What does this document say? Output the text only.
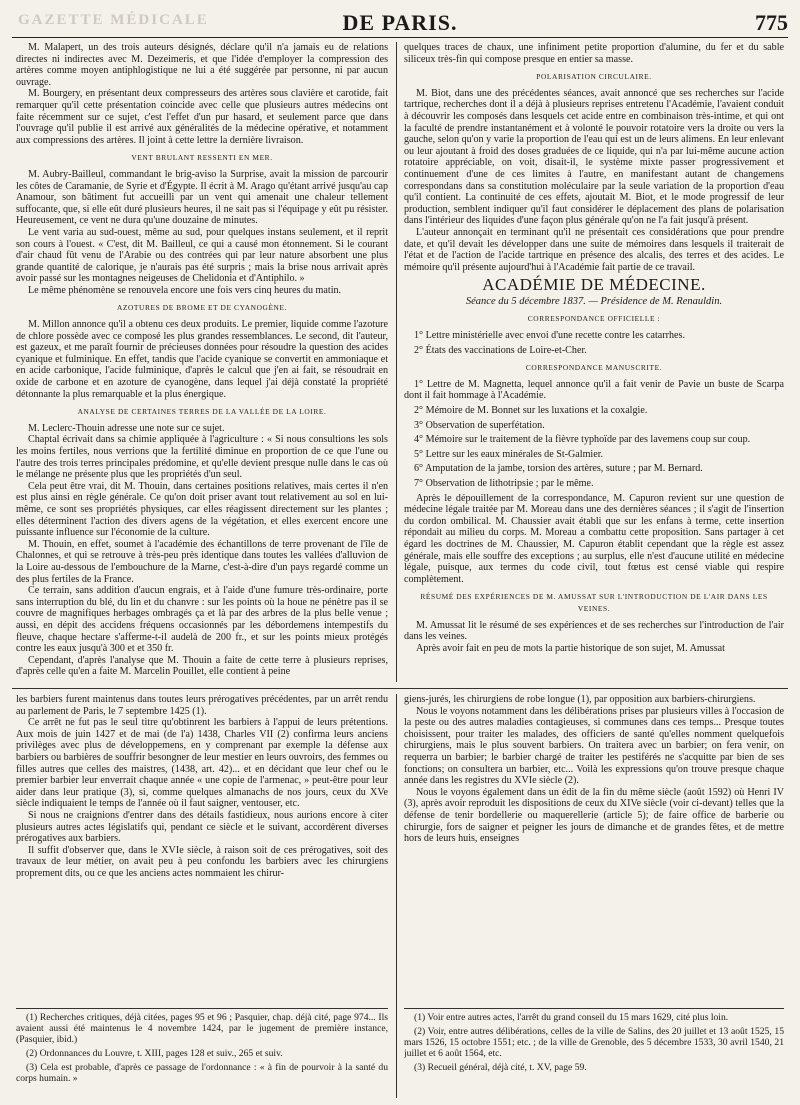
GAZETTE MÉDICALE	DE PARIS.	775

M. Malapert, un des trois auteurs désignés, déclare qu'il n'a jamais eu de relations directes ni indirectes avec M. Dezeimeris, et que l'idée d'employer la compression des artères comme moyen antiphlogistique ne lui a été suggérée par personne, ni par aucun ouvrage.

M. Bourgery, en présentant deux compresseurs des artères sous clavière et carotide, fait remarquer qu'il cette présentation coincide avec celle que plusieurs autres médecins ont faite récemment sur ce sujet, c'est l'effet d'un pur hasard, et seulement parce que dans l'ouvrage qu'il publie il est arrivé aux généralités de la médecine opérative, et notamment aux compressions des artères. Il joint à cette lettre la dernière livraison.

VENT BRULANT RESSENTI EN MER.

M. Aubry-Bailleul, commandant le brig-aviso la Surprise, avait la mission de parcourir les côtes de Caramanie, de Syrie et d'Égypte. Il écrit à M. Arago qu'étant arrivé jusqu'au cap Anamour, son bâtiment fut accueilli par un vent qui amenait une chaleur tellement suffocante, que, si elle eût duré plusieurs heures, il ne sait pas si l'équipage y eût pu résister. Heureusement, ce vent ne dura qu'une douzaine de minutes.

Le vent varia au sud-ouest, même au sud, pour quelques instans seulement, et il reprit son cours à l'ouest. « C'est, dit M. Bailleul, ce qui a causé mon étonnement. Si le courant d'air chaud fût venu de l'Arabie ou des contrées qui par leur nature absorbent une plus grande quantité de calorique, je n'aurais pas été surpris ; mais la brise nous arrivait après avoir passé sur les montagnes neigeuses de Chelidonia et d'Antiphilo. »

Le même phénomène se renouvela encore une fois vers cinq heures du matin.

AZOTURES DE BROME ET DE CYANOGÈNE.

M. Millon annonce qu'il a obtenu ces deux produits. Le premier, liquide comme l'azoture de chlore possède avec ce composé les plus grandes ressemblances. Le second, dit l'auteur, est gazeux, et me paraît fournir de précieuses données pour résoudre la question des acides cyanique et fulminique. En effet, tandis que l'acide cyanique se convertit en ammoniaque et en acide carbonique, l'acide fulminique, d'après le calcul que j'en ai fait, se résoudrait en oxide de carbone et en azoture de cyanogène, dans lequel j'ai déjà constaté la propriété détonnante la plus remarquable et la plus énergique.

ANALYSE DE CERTAINES TERRES DE LA VALLÉE DE LA LOIRE.

M. Leclerc-Thouin adresse une note sur ce sujet.

Chaptal écrivait dans sa chimie appliquée à l'agriculture : « Si nous consultions les sols les moins fertiles, nous verrions que la fertilité diminue en proportion de ce que l'une ou l'autre des trois terres principales prédomine, et qu'elle devient presque nulle dans le cas où le mélange ne présente plus que les propriétés d'un seul.

Cela peut être vrai, dit M. Thouin, dans certaines positions relatives, mais certes il n'en est plus ainsi en règle générale. Ce qu'on doit priser avant tout relativement au sol en lui-même, ce sont ses propriétés physiques, car elles réagissent directement sur les plantes ; elles déterminent l'action des divers agens de la végétation, et elles exercent encore une puissante influence sur l'économie de la culture.

M. Thouin, en effet, soumet à l'académie des échantillons de terre provenant de l'île de Chalonnes, et qui se retrouve à très-peu près identique dans toutes les vallées d'alluvion de la Loire au-dessous de l'embouchure de la Marne, c'est-à-dire d'un pays regardé comme un des plus fertiles de la France.

Ce terrain, sans addition d'aucun engrais, et à l'aide d'une fumure très-ordinaire, porte sans interruption du blé, du lin et du chanvre : sur les points où la houe ne pénètre pas il se couvre de magnifiques herbages ombragés ça et là par des arbres de la plus belle venue ; aussi, en dépit des accidens fréquens occasionnés par les débordemens intempestifs du fleuve, chaque hectare s'afferme-t-il audelà de 200 fr., et sur les points mieux protégés contre les eaux jusqu'à 300 et et 350 fr.

Cependant, d'après l'analyse que M. Thouin a faite de cette terre à plusieurs reprises, d'après celle qu'en a faite M. Marcelin Pouillet, elle contient à peine

quelques traces de chaux, une infiniment petite proportion d'alumine, du fer et du sable siliceux très-fin qui compose presque en entier sa masse.

POLARISATION CIRCULAIRE.

M. Biot, dans une des précédentes séances, avait annoncé que ses recherches sur l'acide tartrique, recherches dont il a déjà à plusieurs reprises entretenu l'Académie, l'avaient conduit à découvrir les composés dans lesquels cet acide entre en combinaison très-intime, et qui ont la faculté de prendre instantanément et à volonté le pouvoir rotatoire vers la droite ou vers la gauche, selon qu'on y varie la proportion de l'eau qui est un de leurs alimens. En leur enlevant ou leur ajoutant à froid des doses graduées de ce liquide, qui n'a par lui-même aucune action rotatoire appréciable, on voit, disait-il, le système mixte passer progressivement et continuement d'une de ces limites à l'autre, en manifestant autant de changemens correspondans dans sa constitution moléculaire par la seule variation de la proportion d'eau qu'il contient. La continuité de ces effets, ajoutait M. Biot, et le mode progressif de leur production, semblent indiquer qu'il faut considérer le déplacement des plans de polarisation dans l'intérieur des liquides d'une façon plus générale qu'on ne l'a fait jusqu'à présent.

L'auteur annonçait en terminant qu'il ne présentait ces considérations que pour prendre date, et qu'il devait les développer dans une suite de mémoires dans lesquels il traiterait de l'état et de l'action de l'acide tartrique en présence des alcalis, des terres et des acides. Le mémoire qu'il présente aujourd'hui à l'Académie fait partie de ce travail.

ACADÉMIE DE MÉDECINE.
Séance du 5 décembre 1837. — Présidence de M. Renauldin.
CORRESPONDANCE OFFICIELLE :

1° Lettre ministérielle avec envoi d'une recette contre les catarrhes.

2° États des vaccinations de Loire-et-Cher.

CORRESPONDANCE MANUSCRITE.

1° Lettre de M. Magnetta, lequel annonce qu'il a fait venir de Pavie un buste de Scarpa dont il fait hommage à l'Académie.

2° Mémoire de M. Bonnet sur les luxations et la coxalgie.

3° Observation de superfétation.

4° Mémoire sur le traitement de la fièvre typhoïde par des lavemens coup sur coup.

5° Lettre sur les eaux minérales de St-Galmier.

6° Amputation de la jambe, torsion des artères, suture ; par M. Bernard.

7° Observation de lithotripsie ; par le même.

Après le dépouillement de la correspondance, M. Capuron revient sur une question de médecine légale traitée par M. Moreau dans une des dernières séances ; il s'agit de l'insertion du cordon ombilical. M. Chaussier avait établi que sur les enfans à terme, cette insertion répondait au milieu du corps. M. Moreau a combattu cette proposition. Sans partager à cet égard les doctrines de M. Chaussier, M. Capuron établit cependant que la règle est assez générale, mais elle souffre des exceptions ; au surplus, elle n'est d'aucune utilité en médecine légale, puisque, aux termes du code civil, tout fœtus est censé viable qui respire complètement.

RÉSUMÉ DES EXPÉRIENCES DE M. AMUSSAT SUR L'INTRODUCTION DE L'AIR DANS LES VEINES.

M. Amussat lit le résumé de ses expériences et de ses recherches sur l'introduction de l'air dans les veines.

Après avoir fait en peu de mots la partie historique de son sujet, M. Amussat

les barbiers furent maintenus dans toutes leurs prérogatives précédentes, par un arrêt rendu au parlement de Paris, le 7 septembre 1425 (1).

Ce arrêt ne fut pas le seul titre qu'obtinrent les barbiers à l'appui de leurs prétentions. Aux mois de juin 1427 et de mai (de l'a) 1438, Charles VII (2) confirma leurs anciens privilèges avec plus de développemens, en y comprenant par exemple la défense aux barbiers ou barbières de souffrir besongner de leur mestier en leurs ouvroirs, des femmes ou filles autres que celles des maistres, (1438, art. 42)... et en décidant que leur chef ou le premier barbier leur enverrait chaque année « une copie de l'armenac, » peut-être pour leur aider dans leur pratique (3), si, comme quelques almanachs de nos jours, ceux du XVe siècle indiquaient le temps de l'année où il faut saigner, ventouser, etc.

Si nous ne craignions d'entrer dans des détails fastidieux, nous aurions encore à citer plusieurs autres actes législatifs qui, pendant ce siècle et le suivant, accordèrent diverses prérogatives aux barbiers.

Il suffit d'observer que, dans le XVIe siècle, à raison soit de ces prérogatives, soit des travaux de leur métier, on avait peu à peu confondu les barbiers avec les chirurgiens proprement dits, ou ce que les anciens actes nommaient les chirur-

giens-jurés, les chirurgiens de robe longue (1), par opposition aux barbiers-chirurgiens.

Nous le voyons notamment dans les délibérations prises par plusieurs villes à l'occasion de la peste ou des autres maladies contagieuses, si communes dans ces temps... Presque toutes choisissent, pour traiter les malades, des officiers de santé qu'elles nomment quelquefois chirurgiens, mais le plus souvent barbiers. On traitera avec un barbier; on fera venir, on requerra un barbier; le barbier chargé de traiter les pestiférés ne s'acquitte par bien de ses fonctions; on consultera un barbier, etc... Voilà les expressions qu'on trouve presque chaque année dans les registres du XVIe siècle (2).

Nous le voyons également dans un édit de la fin du même siècle (août 1592) où Henri IV (3), après avoir reproduit les dispositions de ceux du XIVe siècle (voir ci-devant) telles que la défense de tenir bordellerie ou maquerellerie (article 5); de faire office de barberie ou chirurgie, fors de saigner et peigner les jours de dimanche et de grandes fêtes, et de mettre hors de leurs huis, enseignes

(1) Recherches critiques, déjà citées, pages 95 et 96 ; Pasquier, chap. déjà cité, page 974... Ils avaient aussi été maintenus le 4 novembre 1424, par le jugement de première instance, (Pasquier, ibid.)

(2) Ordonnances du Louvre, t. XIII, pages 128 et suiv., 265 et suiv.

(3) Cela est probable, d'après ce passage de l'ordonnance : « à fin de pourvoir à la santé du corps humain. »

(1) Voir entre autres actes, l'arrêt du grand conseil du 15 mars 1629, cité plus loin.

(2) Voir, entre autres délibérations, celles de la ville de Salins, des 20 juillet et 13 août 1525, 15 mars 1526, 15 octobre 1551; etc. ; de la ville de Grenoble, des 5 décembre 1533, 30 avril 1540, 21 juillet et 6 août 1564, etc.

(3) Recueil général, déjà cité, t. XV, page 59.
